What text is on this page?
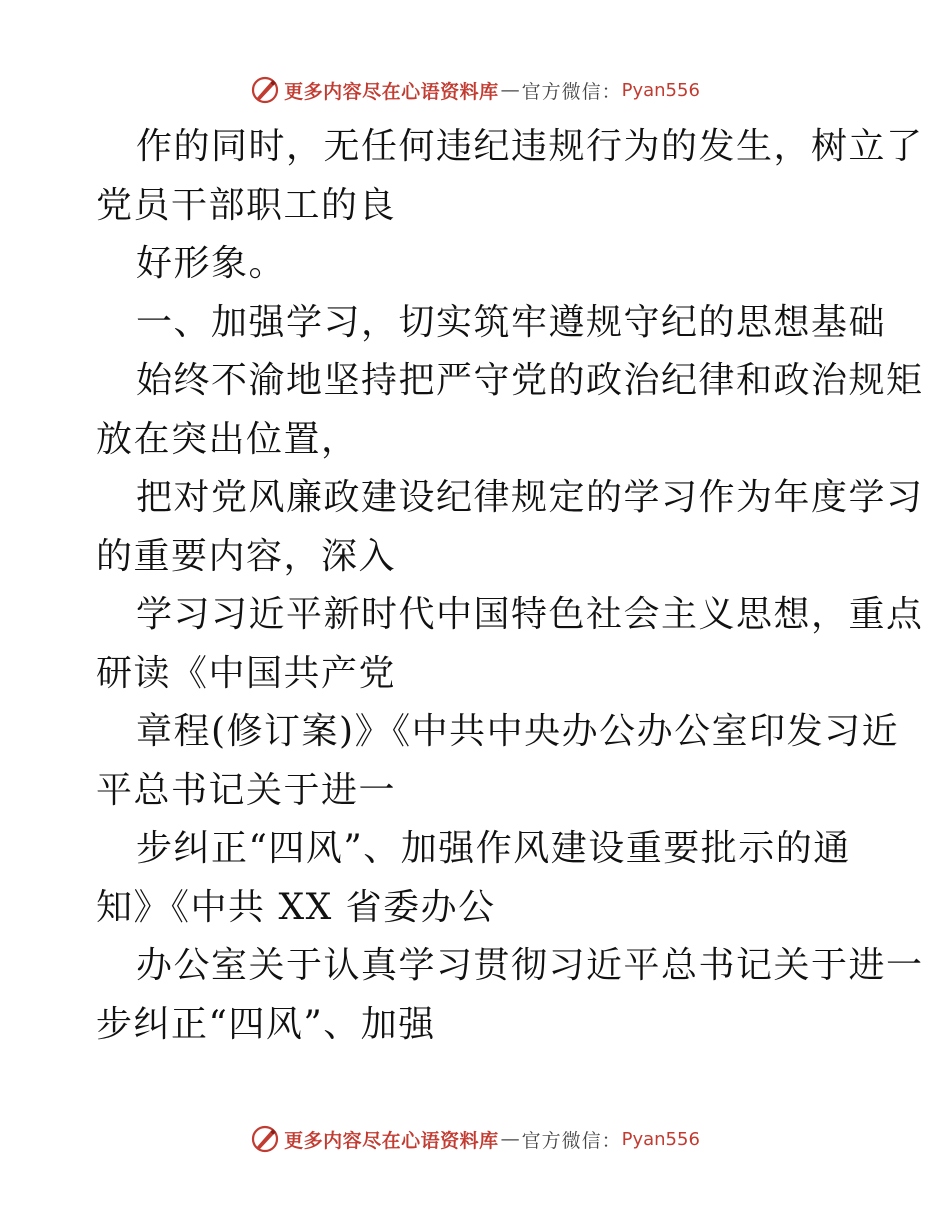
更多内容尽在心语资料库 — 官方微信： Pyan556
作的同时，无任何违纪违规行为的发生，树立了
党员干部职工的良
好形象。
一、加强学习，切实筑牢遵规守纪的思想基础
始终不渝地坚持把严守党的政治纪律和政治规矩
放在突出位置，
把对党风廉政建设纪律规定的学习作为年度学习
的重要内容，深入
学习习近平新时代中国特色社会主义思想，重点
研读《中国共产党
章程(修订案)》《中共中央办公办公室印发习近
平总书记关于进一
步纠正“四风”、加强作风建设重要批示的通
知》《中共 XX 省委办公
办公室关于认真学习贯彻习近平总书记关于进一
步纠正“四风”、加强
更多内容尽在心语资料库 — 官方微信： Pyan556
